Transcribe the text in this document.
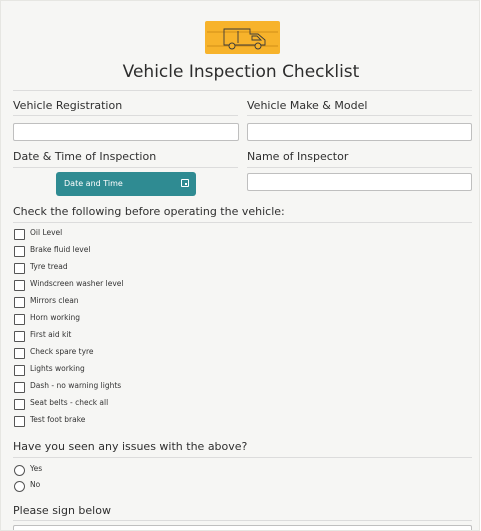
Vehicle Inspection Checklist
Vehicle Registration	Vehicle Make & Model
Date & Time of Inspection	Name of Inspector
Date and Time
Check the following before operating the vehicle:
Oil Level
Brake fluid level
Tyre tread
Windscreen washer level
Mirrors clean
Horn working
First aid kit
Check spare tyre
Lights working
Dash - no warning lights
Seat belts - check all
Test foot brake
Have you seen any issues with the above?
Yes
No
Please sign below
